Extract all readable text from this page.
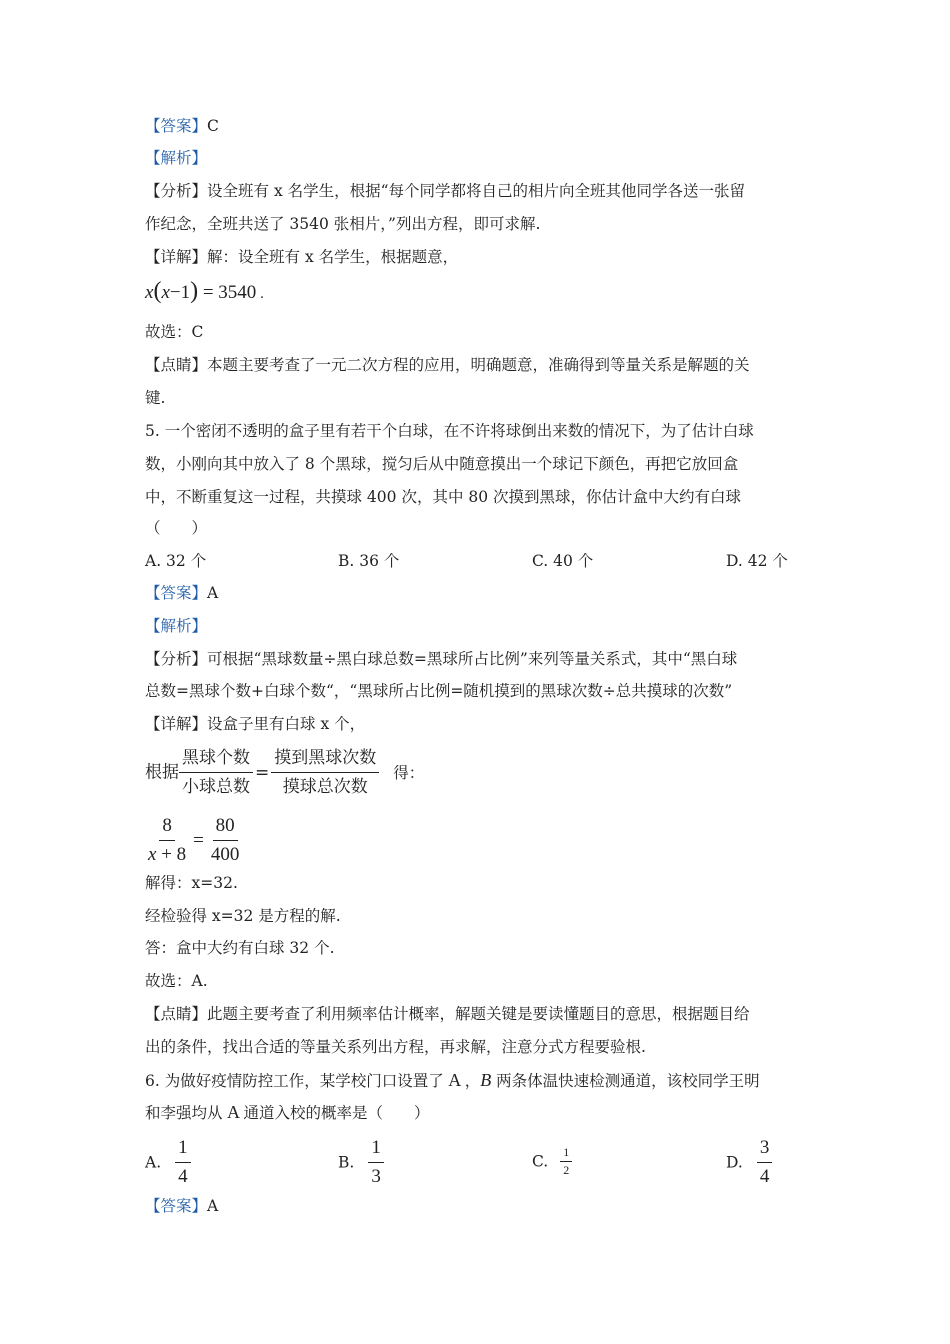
【答案】C
【解析】
【分析】设全班有 x 名学生，根据“每个同学都将自己的相片向全班其他同学各送一张留
作纪念，全班共送了 3540 张相片，”列出方程，即可求解.
【详解】解：设全班有 x 名学生，根据题意，
x(x−1) = 3540 .
故选：C
【点睛】本题主要考查了一元二次方程的应用，明确题意，准确得到等量关系是解题的关
键.
5. 一个密闭不透明的盒子里有若干个白球，在不许将球倒出来数的情况下，为了估计白球
数，小刚向其中放入了 8 个黑球，搅匀后从中随意摸出一个球记下颜色，再把它放回盒
中，不断重复这一过程，共摸球 400 次，其中 80 次摸到黑球，你估计盒中大约有白球
（　　）
A. 32 个	B. 36 个	C. 40 个	D. 42 个
【答案】A
【解析】
【分析】可根据“黑球数量÷黑白球总数=黑球所占比例”来列等量关系式，其中“黑白球
总数=黑球个数+白球个数“，“黑球所占比例=随机摸到的黑球次数÷总共摸球的次数”
【详解】设盒子里有白球 x 个，
根据 $\frac{\text{黑球个数}}{\text{小球总数}} = \frac{\text{摸到黑球次数}}{\text{摸球总次数}}$ 得：
$\frac{8}{x + 8} = \frac{80}{400}$
解得：x=32.
经检验得 x=32 是方程的解.
答：盒中大约有白球 32 个.
故选：A.
【点睛】此题主要考查了利用频率估计概率，解题关键是要读懂题目的意思，根据题目给
出的条件，找出合适的等量关系列出方程，再求解，注意分式方程要验根.
6. 为做好疫情防控工作，某学校门口设置了 A ，B 两条体温快速检测通道，该校同学王明
和李强均从 A 通道入校的概率是（　　）
A. $\frac{1}{4}$	B. $\frac{1}{3}$	C. $\frac{1}{2}$	D. $\frac{3}{4}$
【答案】A
